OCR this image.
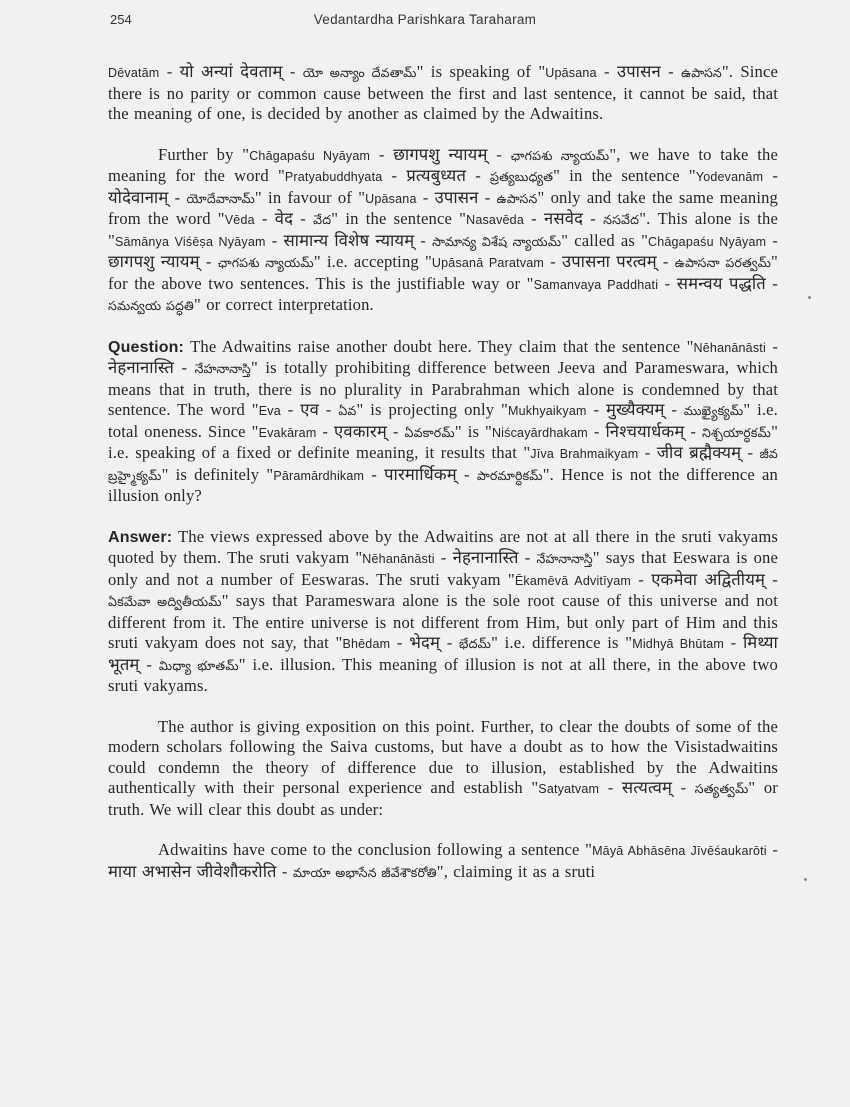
254	Vedantardha Parishkara Taraharam

Dēvatām - यो अन्यां देवताम् - యో అన్యాం దేవతామ్" is speaking of "Upāsana - उपासन - ఉపాసన". Since there is no parity or common cause between the first and last sentence, it cannot be said, that the meaning of one, is decided by another as claimed by the Adwaitins.

Further by "Chāgapaśu Nyāyam - छागपशु न्यायम् - ఛాగపశు న్యాయమ్", we have to take the meaning for the word "Pratyabuddhyata - प्रत्यबुध्यत - ప్రత్యబుధ్యత" in the sentence "Yodevanām - योदेवानाम् - యోదేవానామ్" in favour of "Upāsana - उपासन - ఉపాసన" only and take the same meaning from the word "Vēda - वेद - వేద" in the sentence "Nasavēda - नसवेद - నసవేద". This alone is the "Sāmānya Viśēṣa Nyāyam - सामान्य विशेष न्यायम् - సామాన్య విశేష న్యాయమ్" called as "Chāgapaśu Nyāyam - छागपशु न्यायम् - ఛాగపశు న్యాయమ్" i.e. accepting "Upāsanā Paratvam - उपासना परत्वम् - ఉపాసనా పరత్వమ్" for the above two sentences. This is the justifiable way or "Samanvaya Paddhati - समन्वय पद्धति - సమన్వయ పద్ధతి" or correct interpretation.

Question: The Adwaitins raise another doubt here. They claim that the sentence "Nēhanānāsti - नेहनानास्ति - నేహనానాస్తి" is totally prohibiting difference between Jeeva and Parameswara, which means that in truth, there is no plurality in Parabrahman which alone is condemned by that sentence. The word "Eva - एव - ఏవ" is projecting only "Mukhyaikyam - मुख्यैक्यम् - ముఖ్యైక్యమ్" i.e. total oneness. Since "Evakāram - एवकारम् - ఏవకారమ్" is "Niścayārdhakam - निश्चयार्धकम् - నిశ్చయార్ధకమ్" i.e. speaking of a fixed or definite meaning, it results that "Jīva Brahmaikyam - जीव ब्रह्मैक्यम् - జీవ బ్రహ్మైక్యమ్" is definitely "Pāramārdhikam - पारमार्धिकम् - పారమార్ధికమ్". Hence is not the difference an illusion only?

Answer: The views expressed above by the Adwaitins are not at all there in the sruti vakyams quoted by them. The sruti vakyam "Nēhanānāsti - नेहनानास्ति - నేహనానాస్తి" says that Eeswara is one only and not a number of Eeswaras. The sruti vakyam "Ēkamēvā Advitīyam - एकमेवा अद्वितीयम् - ఏకమేవా అద్వితీయమ్" says that Parameswara alone is the sole root cause of this universe and not different from it. The entire universe is not different from Him, but only part of Him and this sruti vakyam does not say, that "Bhēdam - भेदम् - భేదమ్" i.e. difference is "Midhyā Bhūtam - मिथ्या भूतम् - మిధ్యా భూతమ్" i.e. illusion. This meaning of illusion is not at all there, in the above two sruti vakyams.

The author is giving exposition on this point. Further, to clear the doubts of some of the modern scholars following the Saiva customs, but have a doubt as to how the Visistadwaitins could condemn the theory of difference due to illusion, established by the Adwaitins authentically with their personal experience and establish "Satyatvam - सत्यत्वम् - సత్యత్వమ్" or truth. We will clear this doubt as under:

Adwaitins have come to the conclusion following a sentence "Māyā Abhāsēna Jīvēśaukarōti - माया अभासेन जीवेशौकरोति - మాయా అభాసేన జీవేశౌకరోతి", claiming it as a sruti
